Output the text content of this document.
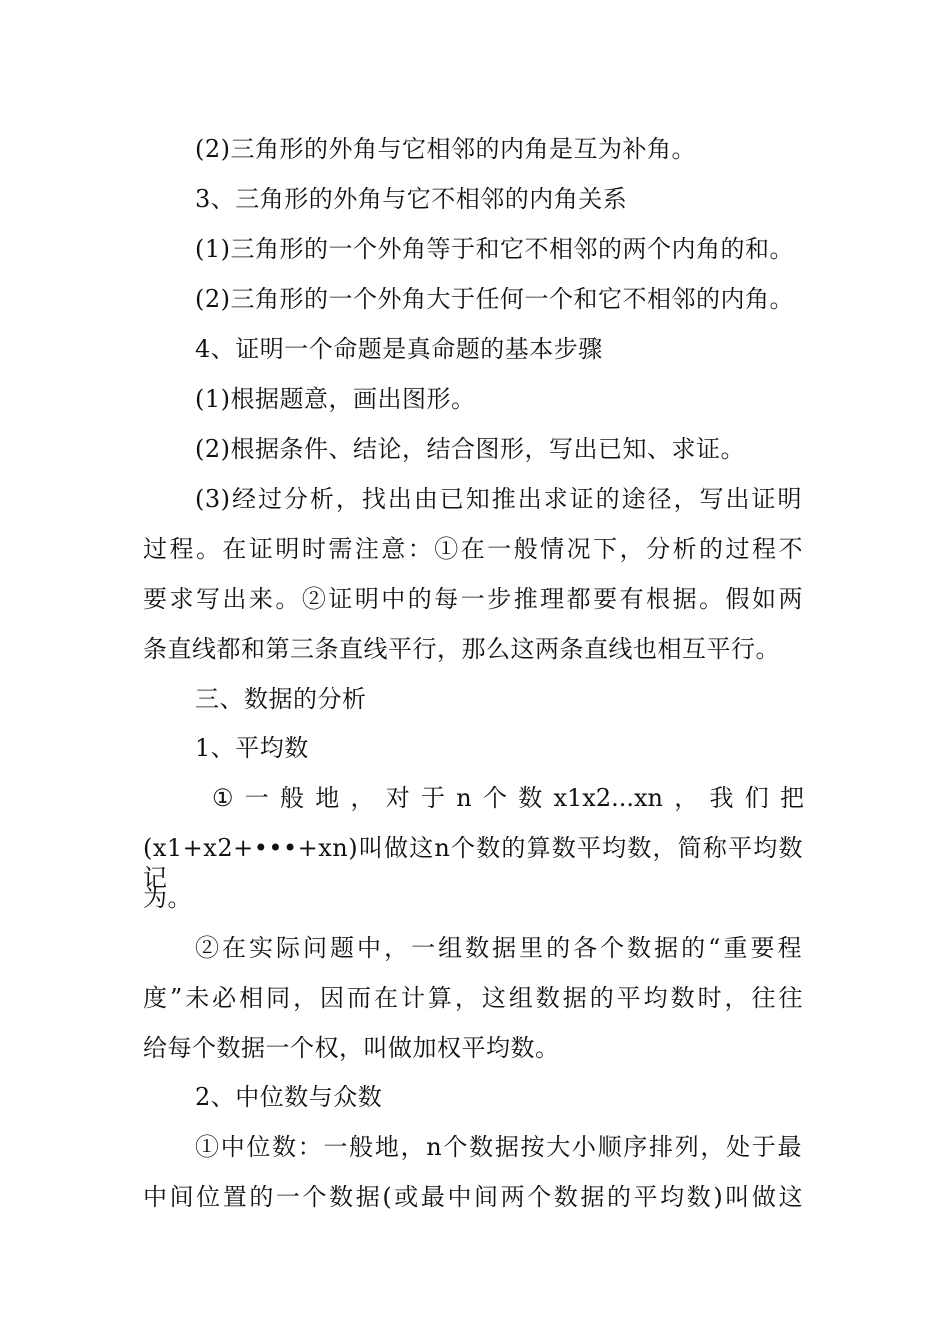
(2)三角形的外角与它相邻的内角是互为补角。
3、三角形的外角与它不相邻的内角关系
(1)三角形的一个外角等于和它不相邻的两个内角的和。
(2)三角形的一个外角大于任何一个和它不相邻的内角。
4、证明一个命题是真命题的基本步骤
(1)根据题意，画出图形。
(2)根据条件、结论，结合图形，写出已知、求证。
(3)经过分析，找出由已知推出求证的途径，写出证明
过程。在证明时需注意：①在一般情况下，分析的过程不
要求写出来。②证明中的每一步推理都要有根据。假如两
条直线都和第三条直线平行，那么这两条直线也相互平行。
三、数据的分析
1、平均数
① 一 般 地 ， 对 于 n 个 数 x1x2...xn ， 我 们 把
(x1+x2+•••+xn)叫做这n个数的算数平均数，简称平均数记
为。
②在实际问题中，一组数据里的各个数据的“重要程
度”未必相同，因而在计算，这组数据的平均数时，往往
给每个数据一个权，叫做加权平均数。
2、中位数与众数
①中位数：一般地，n个数据按大小顺序排列，处于最
中间位置的一个数据(或最中间两个数据的平均数)叫做这
